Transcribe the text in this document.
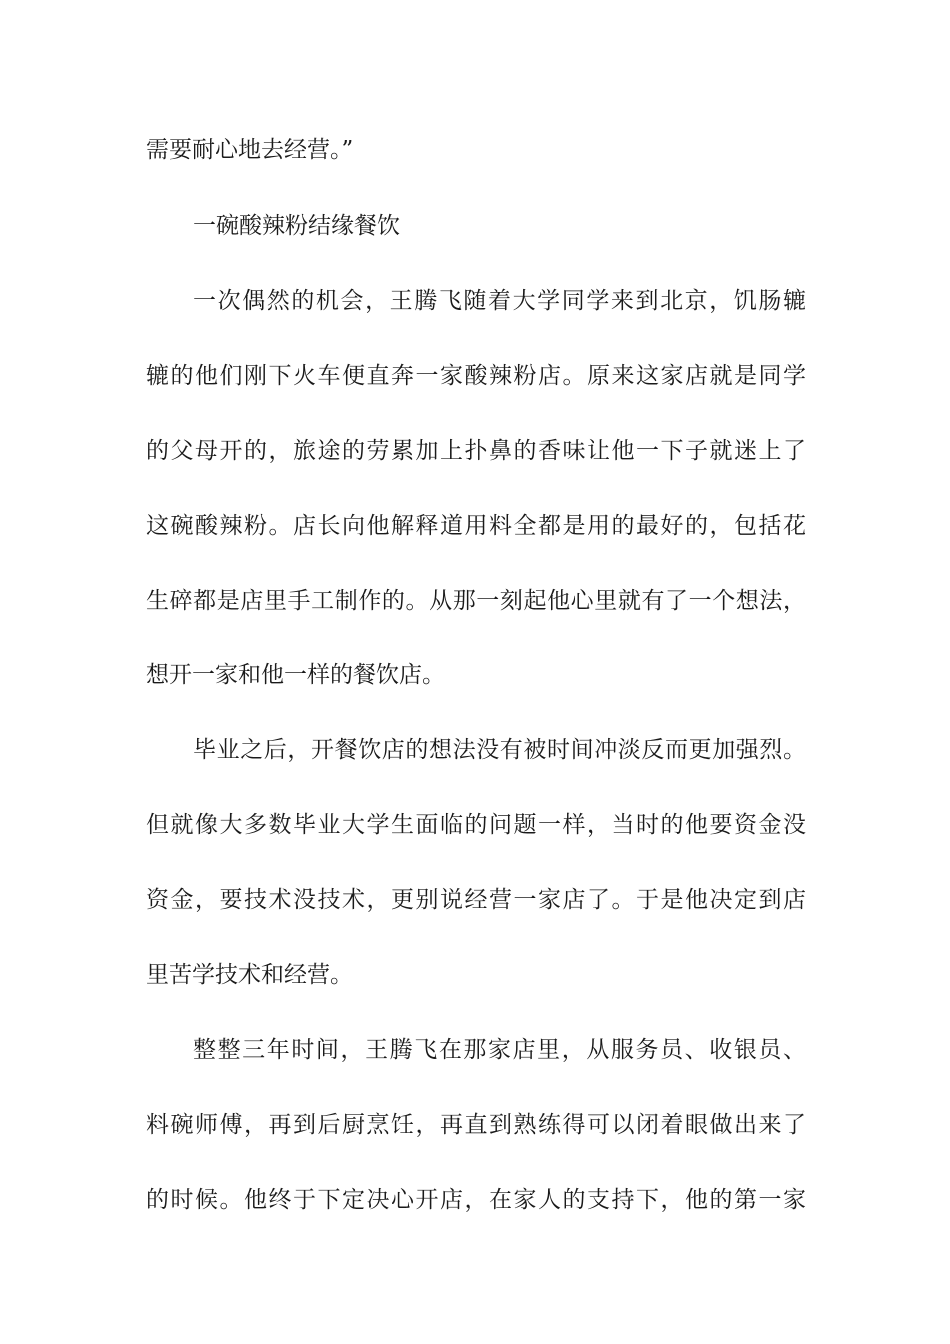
需要耐心地去经营。”
一碗酸辣粉结缘餐饮
一次偶然的机会，王腾飞随着大学同学来到北京，饥肠辘
辘的他们刚下火车便直奔一家酸辣粉店。原来这家店就是同学
的父母开的，旅途的劳累加上扑鼻的香味让他一下子就迷上了
这碗酸辣粉。店长向他解释道用料全都是用的最好的，包括花
生碎都是店里手工制作的。从那一刻起他心里就有了一个想法，
想开一家和他一样的餐饮店。
毕业之后，开餐饮店的想法没有被时间冲淡反而更加强烈。
但就像大多数毕业大学生面临的问题一样，当时的他要资金没
资金，要技术没技术，更别说经营一家店了。于是他决定到店
里苦学技术和经营。
整整三年时间，王腾飞在那家店里，从服务员、收银员、
料碗师傅，再到后厨烹饪，再直到熟练得可以闭着眼做出来了
的时候。他终于下定决心开店，在家人的支持下，他的第一家
